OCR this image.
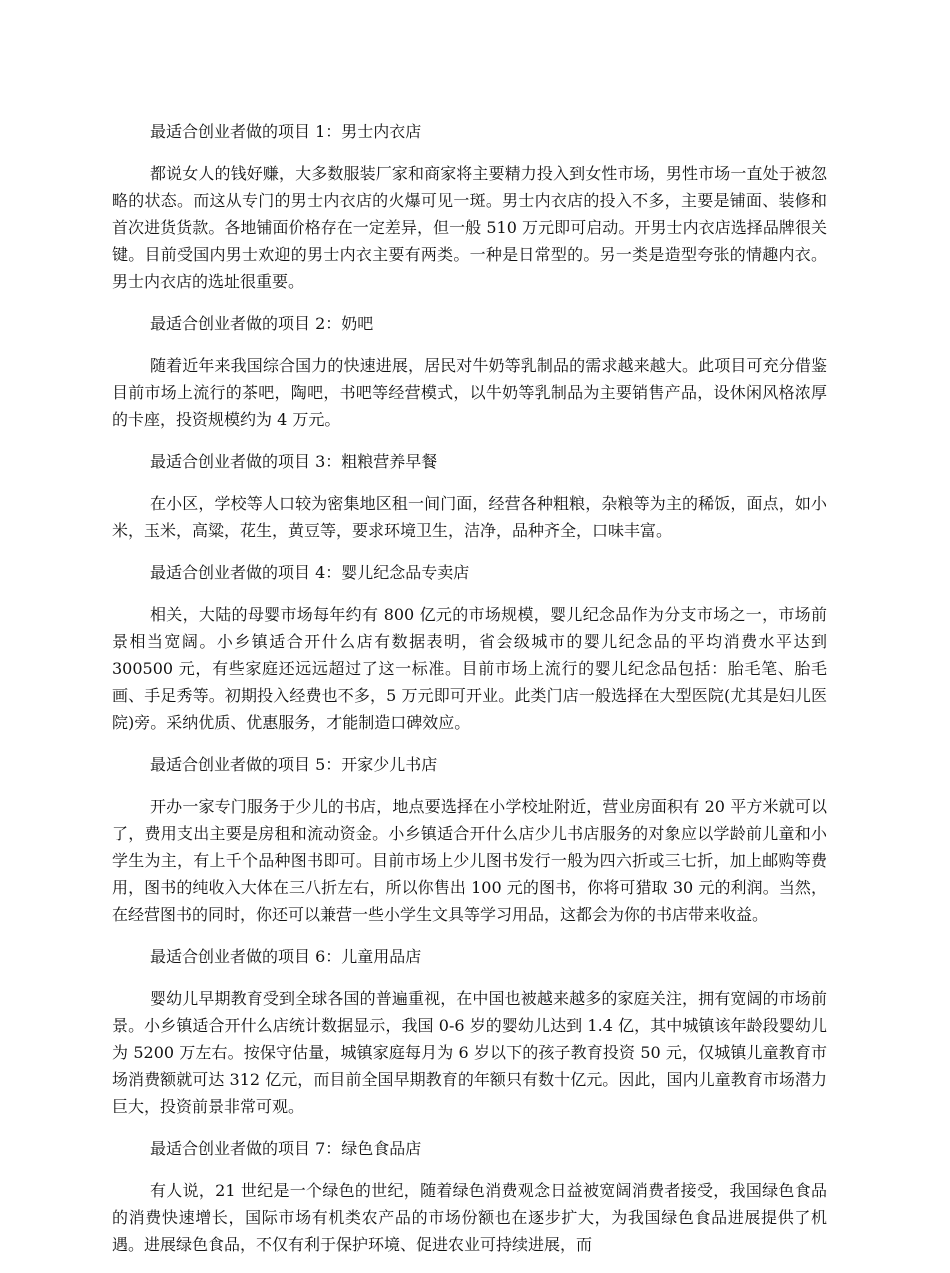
最适合创业者做的项目 1：男士内衣店

都说女人的钱好赚，大多数服装厂家和商家将主要精力投入到女性市场，男性市场一直处于被忽略的状态。而这从专门的男士内衣店的火爆可见一斑。男士内衣店的投入不多，主要是铺面、装修和首次进货货款。各地铺面价格存在一定差异，但一般 510 万元即可启动。开男士内衣店选择品牌很关键。目前受国内男士欢迎的男士内衣主要有两类。一种是日常型的。另一类是造型夸张的情趣内衣。男士内衣店的选址很重要。

最适合创业者做的项目 2：奶吧

随着近年来我国综合国力的快速进展，居民对牛奶等乳制品的需求越来越大。此项目可充分借鉴目前市场上流行的茶吧，陶吧，书吧等经营模式，以牛奶等乳制品为主要销售产品，设休闲风格浓厚的卡座，投资规模约为 4 万元。

最适合创业者做的项目 3：粗粮营养早餐

在小区，学校等人口较为密集地区租一间门面，经营各种粗粮，杂粮等为主的稀饭，面点，如小米，玉米，高粱，花生，黄豆等，要求环境卫生，洁净，品种齐全，口味丰富。

最适合创业者做的项目 4：婴儿纪念品专卖店

相关，大陆的母婴市场每年约有 800 亿元的市场规模，婴儿纪念品作为分支市场之一，市场前景相当宽阔。小乡镇适合开什么店有数据表明，省会级城市的婴儿纪念品的平均消费水平达到 300500 元，有些家庭还远远超过了这一标准。目前市场上流行的婴儿纪念品包括：胎毛笔、胎毛画、手足秀等。初期投入经费也不多，5 万元即可开业。此类门店一般选择在大型医院(尤其是妇儿医院)旁。采纳优质、优惠服务，才能制造口碑效应。

最适合创业者做的项目 5：开家少儿书店

开办一家专门服务于少儿的书店，地点要选择在小学校址附近，营业房面积有 20 平方米就可以了，费用支出主要是房租和流动资金。小乡镇适合开什么店少儿书店服务的对象应以学龄前儿童和小学生为主，有上千个品种图书即可。目前市场上少儿图书发行一般为四六折或三七折，加上邮购等费用，图书的纯收入大体在三八折左右，所以你售出 100 元的图书，你将可猎取 30 元的利润。当然，在经营图书的同时，你还可以兼营一些小学生文具等学习用品，这都会为你的书店带来收益。

最适合创业者做的项目 6：儿童用品店

婴幼儿早期教育受到全球各国的普遍重视，在中国也被越来越多的家庭关注，拥有宽阔的市场前景。小乡镇适合开什么店统计数据显示，我国 0-6 岁的婴幼儿达到 1.4 亿，其中城镇该年龄段婴幼儿为 5200 万左右。按保守估量，城镇家庭每月为 6 岁以下的孩子教育投资 50 元，仅城镇儿童教育市场消费额就可达 312 亿元，而目前全国早期教育的年额只有数十亿元。因此，国内儿童教育市场潜力巨大，投资前景非常可观。

最适合创业者做的项目 7：绿色食品店

有人说，21 世纪是一个绿色的世纪，随着绿色消费观念日益被宽阔消费者接受，我国绿色食品的消费快速增长，国际市场有机类农产品的市场份额也在逐步扩大，为我国绿色食品进展提供了机遇。进展绿色食品，不仅有利于保护环境、促进农业可持续进展，而
